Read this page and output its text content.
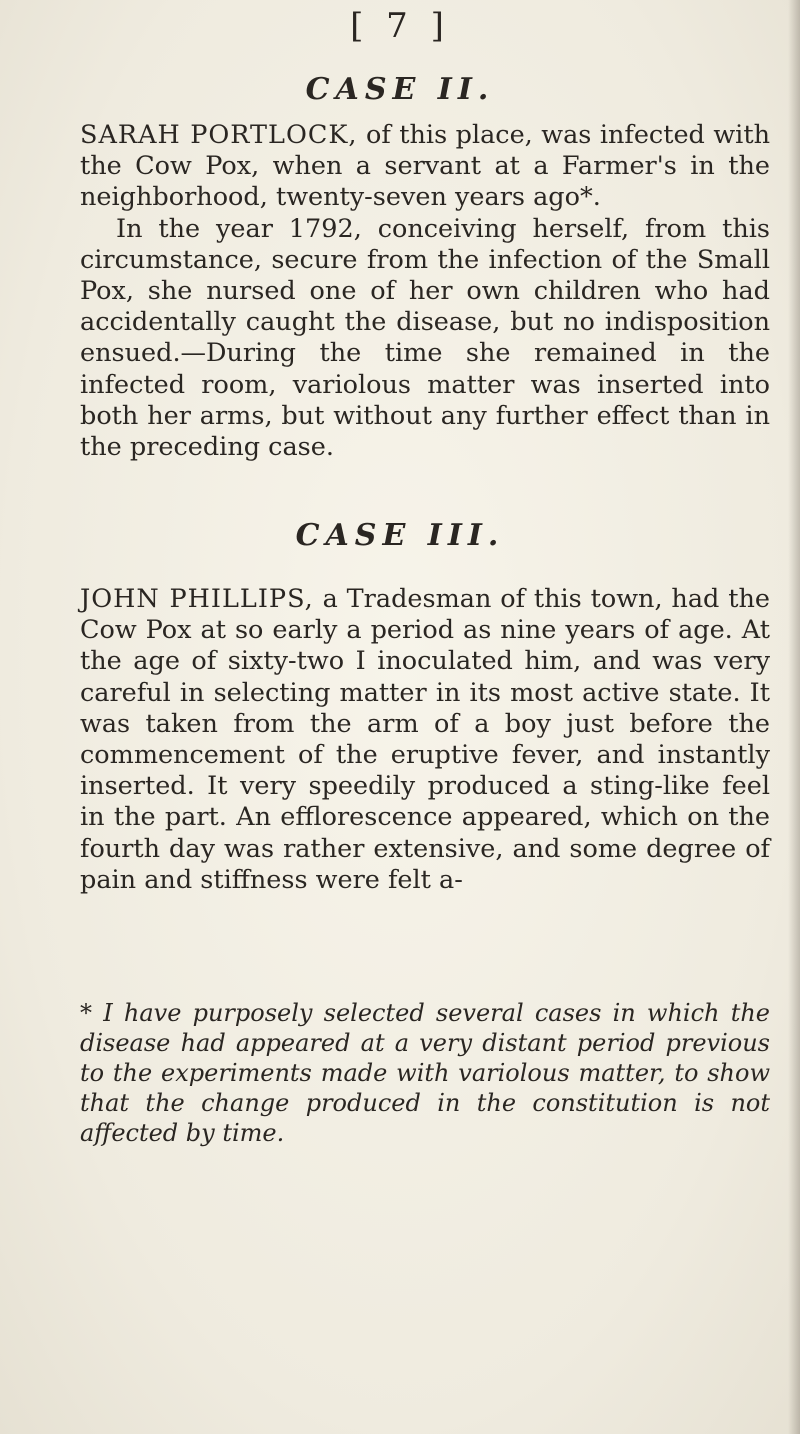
[ 7 ]
CASE II.

SARAH PORTLOCK, of this place, was infected with the Cow Pox, when a servant at a Farmer's in the neighborhood, twenty-seven years ago*.

In the year 1792, conceiving herself, from this circumstance, secure from the infection of the Small Pox, she nursed one of her own children who had accidentally caught the disease, but no indisposition ensued.—During the time she remained in the infected room, variolous matter was inserted into both her arms, but without any further effect than in the preceding case.

CASE III.

JOHN PHILLIPS, a Tradesman of this town, had the Cow Pox at so early a period as nine years of age. At the age of sixty-two I inoculated him, and was very careful in selecting matter in its most active state. It was taken from the arm of a boy just before the commencement of the eruptive fever, and instantly inserted. It very speedily produced a sting-like feel in the part. An efflorescence appeared, which on the fourth day was rather extensive, and some degree of pain and stiffness were felt a-

* I have purposely selected several cases in which the disease had appeared at a very distant period previous to the experiments made with variolous matter, to show that the change produced in the constitution is not affected by time.
